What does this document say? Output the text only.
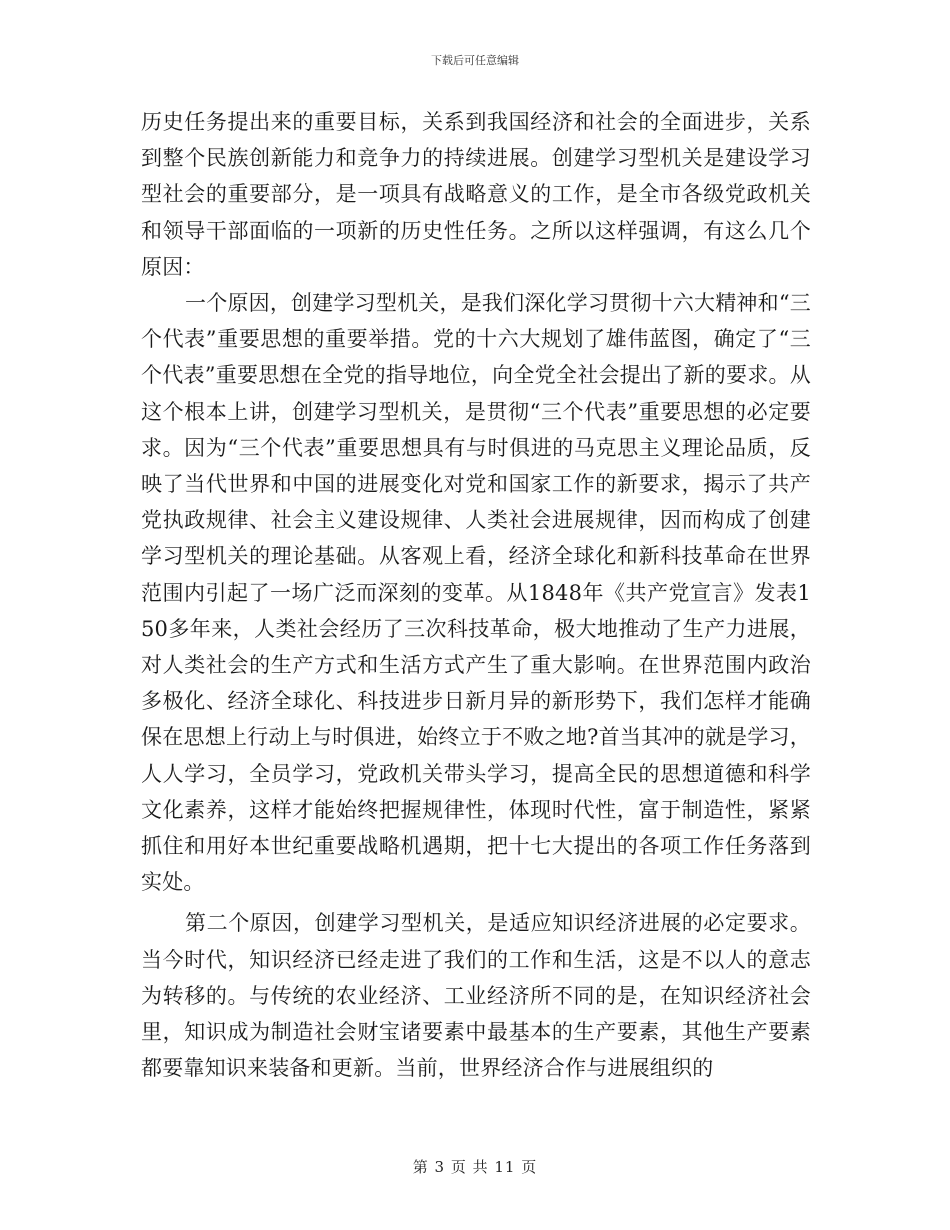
下载后可任意编辑

历史任务提出来的重要目标，关系到我国经济和社会的全面进步，关系到整个民族创新能力和竞争力的持续进展。创建学习型机关是建设学习型社会的重要部分，是一项具有战略意义的工作，是全市各级党政机关和领导干部面临的一项新的历史性任务。之所以这样强调，有这么几个原因：

一个原因，创建学习型机关，是我们深化学习贯彻十六大精神和“三个代表”重要思想的重要举措。党的十六大规划了雄伟蓝图，确定了“三个代表”重要思想在全党的指导地位，向全党全社会提出了新的要求。从这个根本上讲，创建学习型机关，是贯彻“三个代表”重要思想的必定要求。因为“三个代表”重要思想具有与时俱进的马克思主义理论品质，反映了当代世界和中国的进展变化对党和国家工作的新要求，揭示了共产党执政规律、社会主义建设规律、人类社会进展规律，因而构成了创建学习型机关的理论基础。从客观上看，经济全球化和新科技革命在世界范围内引起了一场广泛而深刻的变革。从1848年《共产党宣言》发表150多年来，人类社会经历了三次科技革命，极大地推动了生产力进展，对人类社会的生产方式和生活方式产生了重大影响。在世界范围内政治多极化、经济全球化、科技进步日新月异的新形势下，我们怎样才能确保在思想上行动上与时俱进，始终立于不败之地?首当其冲的就是学习，人人学习，全员学习，党政机关带头学习，提高全民的思想道德和科学文化素养，这样才能始终把握规律性，体现时代性，富于制造性，紧紧抓住和用好本世纪重要战略机遇期，把十七大提出的各项工作任务落到实处。

第二个原因，创建学习型机关，是适应知识经济进展的必定要求。当今时代，知识经济已经走进了我们的工作和生活，这是不以人的意志为转移的。与传统的农业经济、工业经济所不同的是，在知识经济社会里，知识成为制造社会财宝诸要素中最基本的生产要素，其他生产要素都要靠知识来装备和更新。当前，世界经济合作与进展组织的

第 3 页 共 11 页
